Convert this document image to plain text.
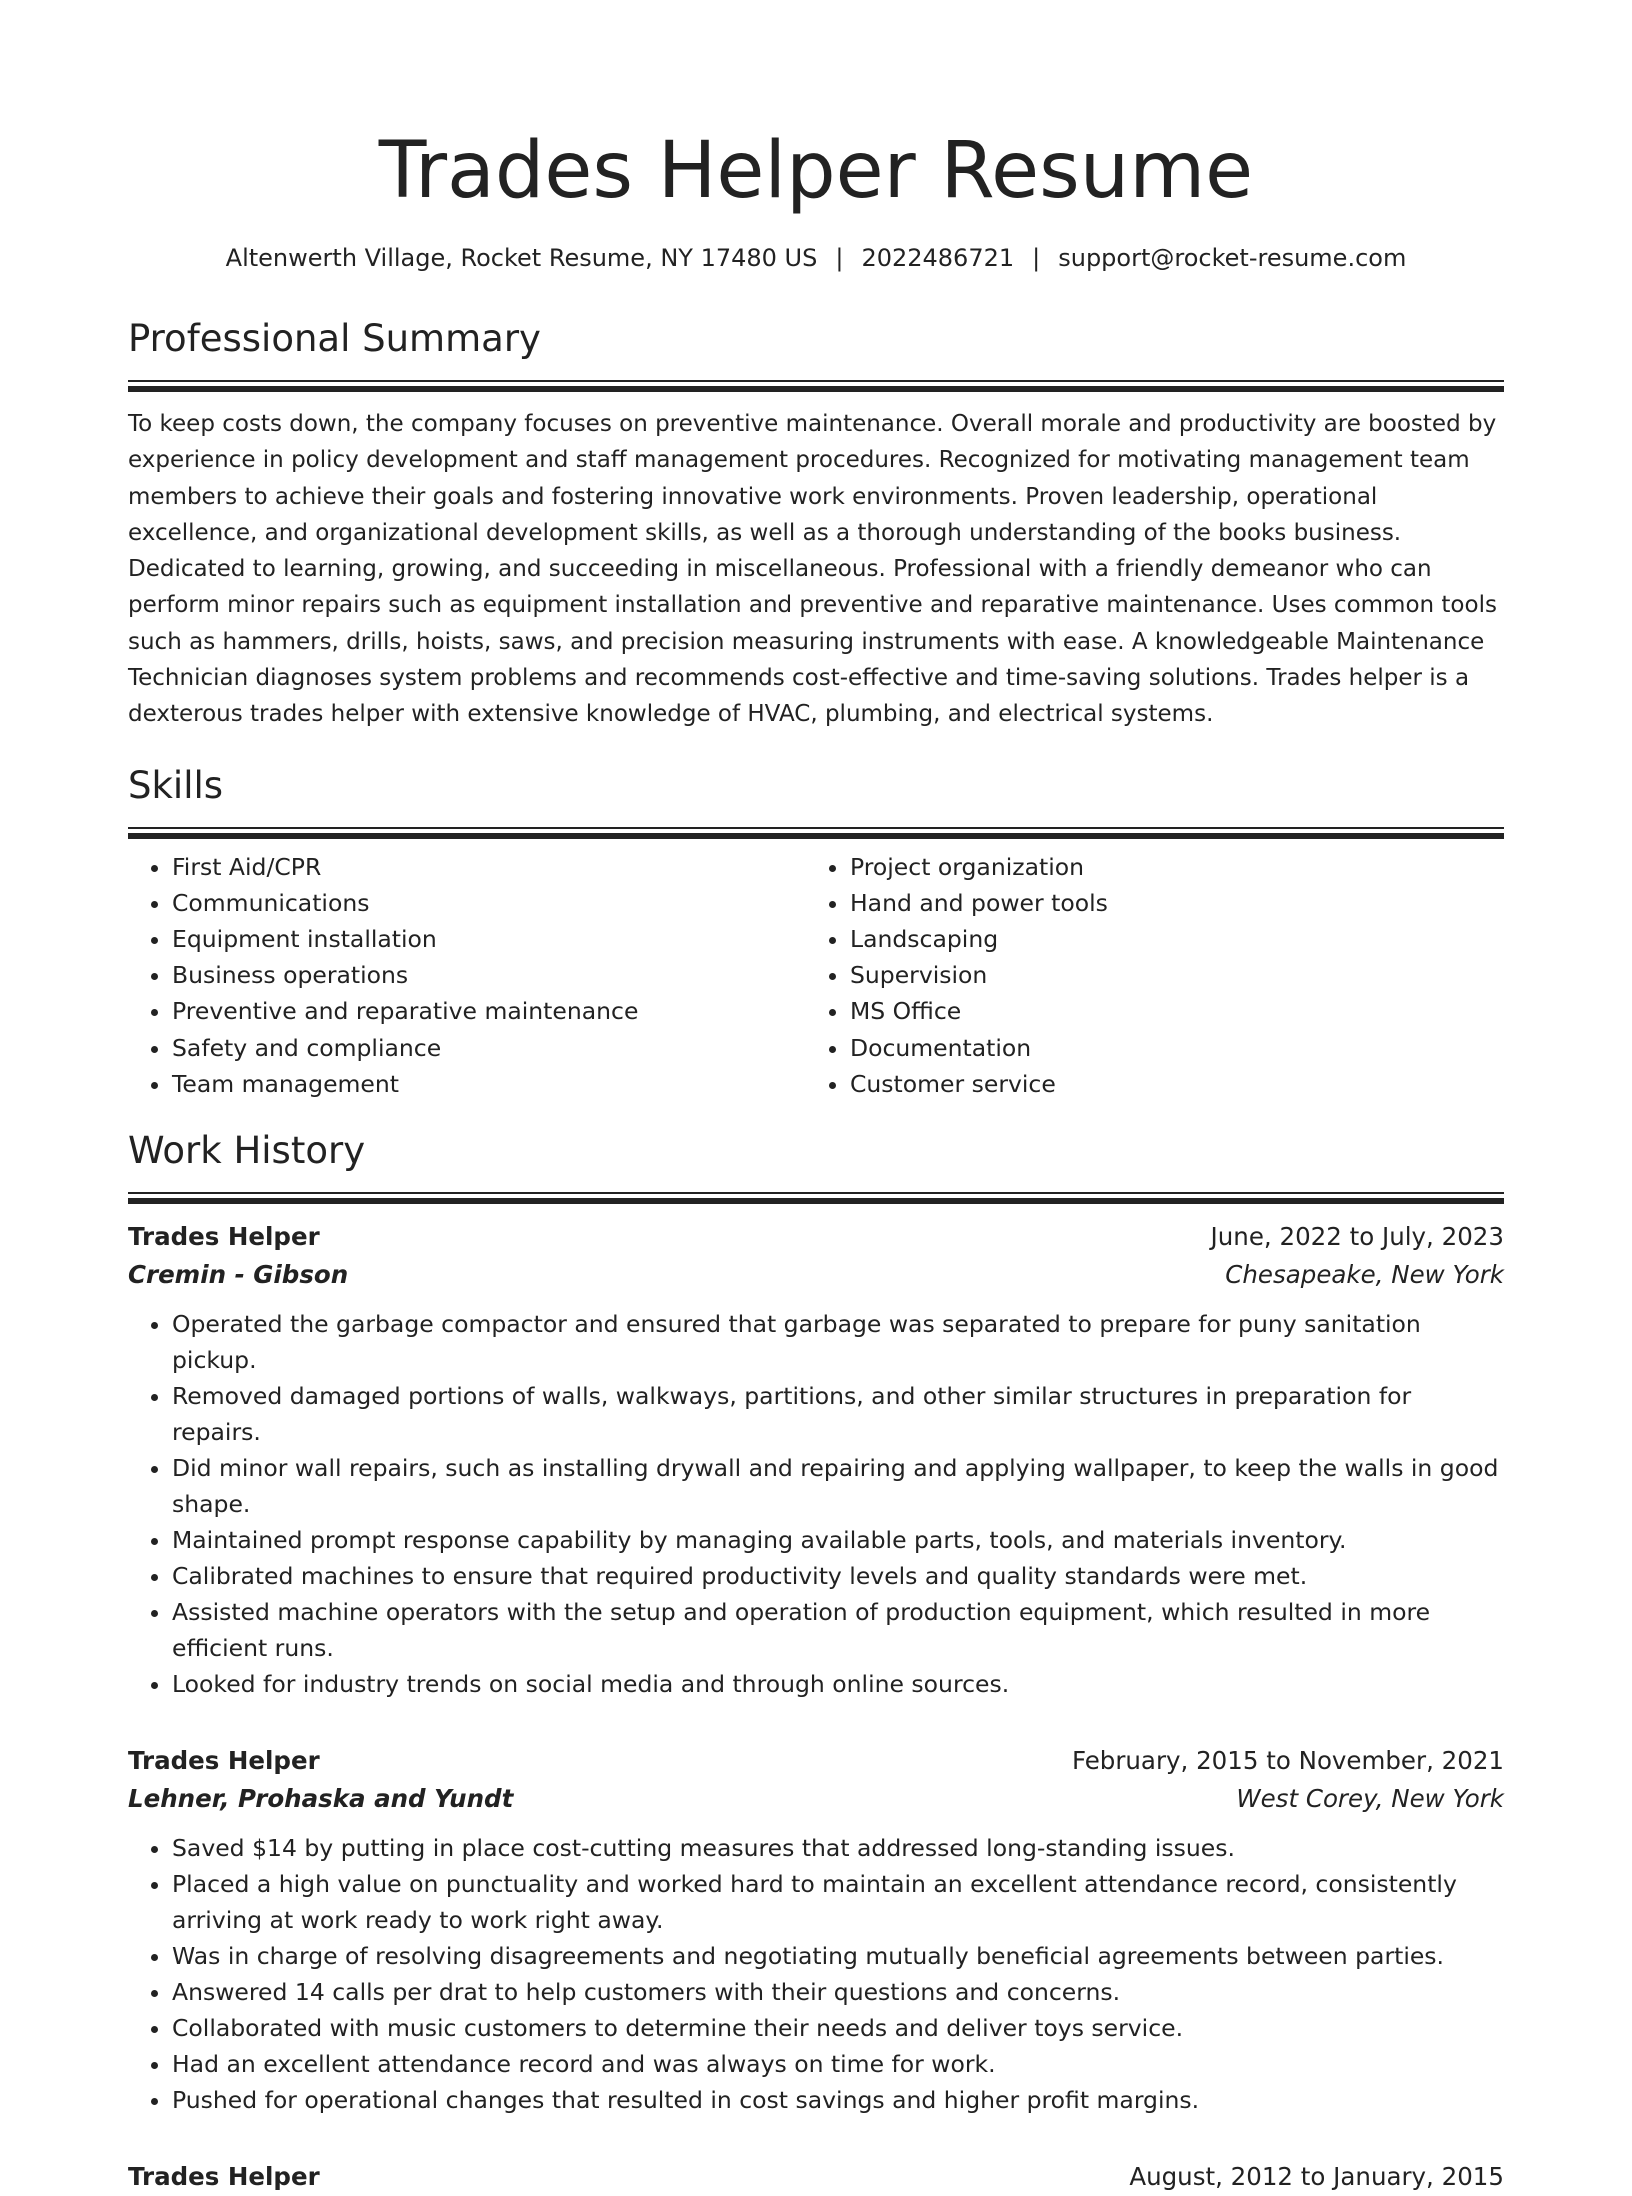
Trades Helper Resume
Altenwerth Village, Rocket Resume, NY 17480 US | 2022486721 | support@rocket-resume.com
Professional Summary

To keep costs down, the company focuses on preventive maintenance. Overall morale and productivity are boosted by experience in policy development and staff management procedures. Recognized for motivating management team members to achieve their goals and fostering innovative work environments. Proven leadership, operational excellence, and organizational development skills, as well as a thorough understanding of the books business. Dedicated to learning, growing, and succeeding in miscellaneous. Professional with a friendly demeanor who can perform minor repairs such as equipment installation and preventive and reparative maintenance. Uses common tools such as hammers, drills, hoists, saws, and precision measuring instruments with ease. A knowledgeable Maintenance Technician diagnoses system problems and recommends cost-effective and time-saving solutions. Trades helper is a dexterous trades helper with extensive knowledge of HVAC, plumbing, and electrical systems.

Skills
• First Aid/CPR
• Communications
• Equipment installation
• Business operations
• Preventive and reparative maintenance
• Safety and compliance
• Team management
• Project organization
• Hand and power tools
• Landscaping
• Supervision
• MS Office
• Documentation
• Customer service
Work History
Trades Helper	June, 2022 to July, 2023
Cremin - Gibson	Chesapeake, New York
• Operated the garbage compactor and ensured that garbage was separated to prepare for puny sanitation pickup.
• Removed damaged portions of walls, walkways, partitions, and other similar structures in preparation for repairs.
• Did minor wall repairs, such as installing drywall and repairing and applying wallpaper, to keep the walls in good shape.
• Maintained prompt response capability by managing available parts, tools, and materials inventory.
• Calibrated machines to ensure that required productivity levels and quality standards were met.
• Assisted machine operators with the setup and operation of production equipment, which resulted in more efficient runs.
• Looked for industry trends on social media and through online sources.
Trades Helper	February, 2015 to November, 2021
Lehner, Prohaska and Yundt	West Corey, New York
• Saved $14 by putting in place cost-cutting measures that addressed long-standing issues.
• Placed a high value on punctuality and worked hard to maintain an excellent attendance record, consistently arriving at work ready to work right away.
• Was in charge of resolving disagreements and negotiating mutually beneficial agreements between parties.
• Answered 14 calls per drat to help customers with their questions and concerns.
• Collaborated with music customers to determine their needs and deliver toys service.
• Had an excellent attendance record and was always on time for work.
• Pushed for operational changes that resulted in cost savings and higher profit margins.
Trades Helper	August, 2012 to January, 2015
